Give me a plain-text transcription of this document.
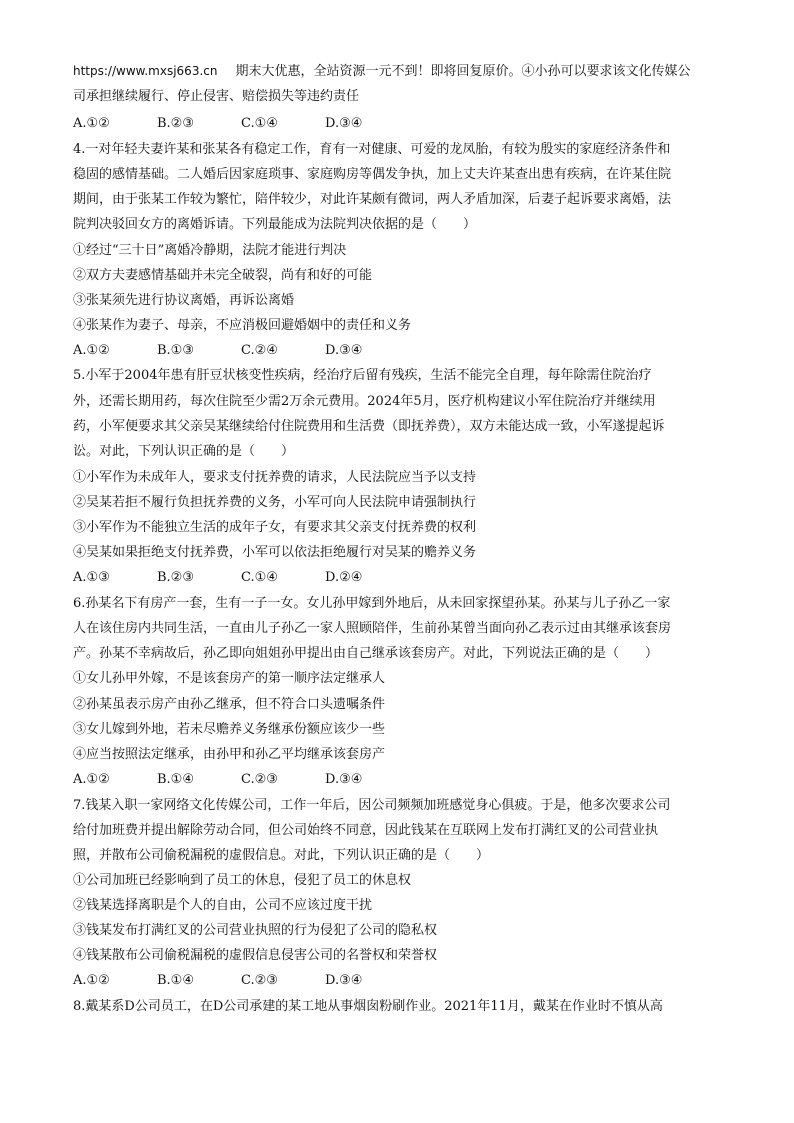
https://www.mxsj663.cn 期末大优惠，全站资源一元不到！即将回复原价。④小孙可以要求该文化传媒公
司承担继续履行、停止侵害、赔偿损失等违约责任
A.①②	B.②③	C.①④	D.③④
4.一对年轻夫妻许某和张某各有稳定工作，育有一对健康、可爱的龙凤胎，有较为殷实的家庭经济条件和
稳固的感情基础。二人婚后因家庭琐事、家庭购房等偶发争执，加上丈夫许某查出患有疾病，在许某住院
期间，由于张某工作较为繁忙，陪伴较少，对此许某颇有微词，两人矛盾加深，后妻子起诉要求离婚，法
院判决驳回女方的离婚诉请。下列最能成为法院判决依据的是（　　）
①经过“三十日”离婚冷静期，法院才能进行判决
②双方夫妻感情基础并未完全破裂，尚有和好的可能
③张某须先进行协议离婚，再诉讼离婚
④张某作为妻子、母亲，不应消极回避婚姻中的责任和义务
A.①②	B.①③	C.②④	D.③④
5.小军于2004年患有肝豆状核变性疾病，经治疗后留有残疾，生活不能完全自理，每年除需住院治疗
外，还需长期用药，每次住院至少需2万余元费用。2024年5月，医疗机构建议小军住院治疗并继续用
药，小军便要求其父亲吴某继续给付住院费用和生活费（即抚养费），双方未能达成一致，小军遂提起诉
讼。对此，下列认识正确的是（　　）
①小军作为未成年人，要求支付抚养费的请求，人民法院应当予以支持
②吴某若拒不履行负担抚养费的义务，小军可向人民法院申请强制执行
③小军作为不能独立生活的成年子女，有要求其父亲支付抚养费的权利
④吴某如果拒绝支付抚养费，小军可以依法拒绝履行对吴某的赡养义务
A.①③	B.②③	C.①④	D.②④
6.孙某名下有房产一套，生有一子一女。女儿孙甲嫁到外地后，从未回家探望孙某。孙某与儿子孙乙一家
人在该住房内共同生活，一直由儿子孙乙一家人照顾陪伴，生前孙某曾当面向孙乙表示过由其继承该套房
产。孙某不幸病故后，孙乙即向姐姐孙甲提出由自己继承该套房产。对此，下列说法正确的是（　　）
①女儿孙甲外嫁，不是该套房产的第一顺序法定继承人
②孙某虽表示房产由孙乙继承，但不符合口头遗嘱条件
③女儿嫁到外地，若未尽赡养义务继承份额应该少一些
④应当按照法定继承，由孙甲和孙乙平均继承该套房产
A.①②	B.①④	C.②③	D.③④
7.钱某入职一家网络文化传媒公司，工作一年后，因公司频频加班感觉身心俱疲。于是，他多次要求公司
给付加班费并提出解除劳动合同，但公司始终不同意，因此钱某在互联网上发布打满红叉的公司营业执
照，并散布公司偷税漏税的虚假信息。对此，下列认识正确的是（　　）
①公司加班已经影响到了员工的休息，侵犯了员工的休息权
②钱某选择离职是个人的自由，公司不应该过度干扰
③钱某发布打满红叉的公司营业执照的行为侵犯了公司的隐私权
④钱某散布公司偷税漏税的虚假信息侵害公司的名誉权和荣誉权
A.①②	B.①④	C.②③	D.③④
8.戴某系D公司员工，在D公司承建的某工地从事烟囱粉刷作业。2021年11月，戴某在作业时不慎从高
